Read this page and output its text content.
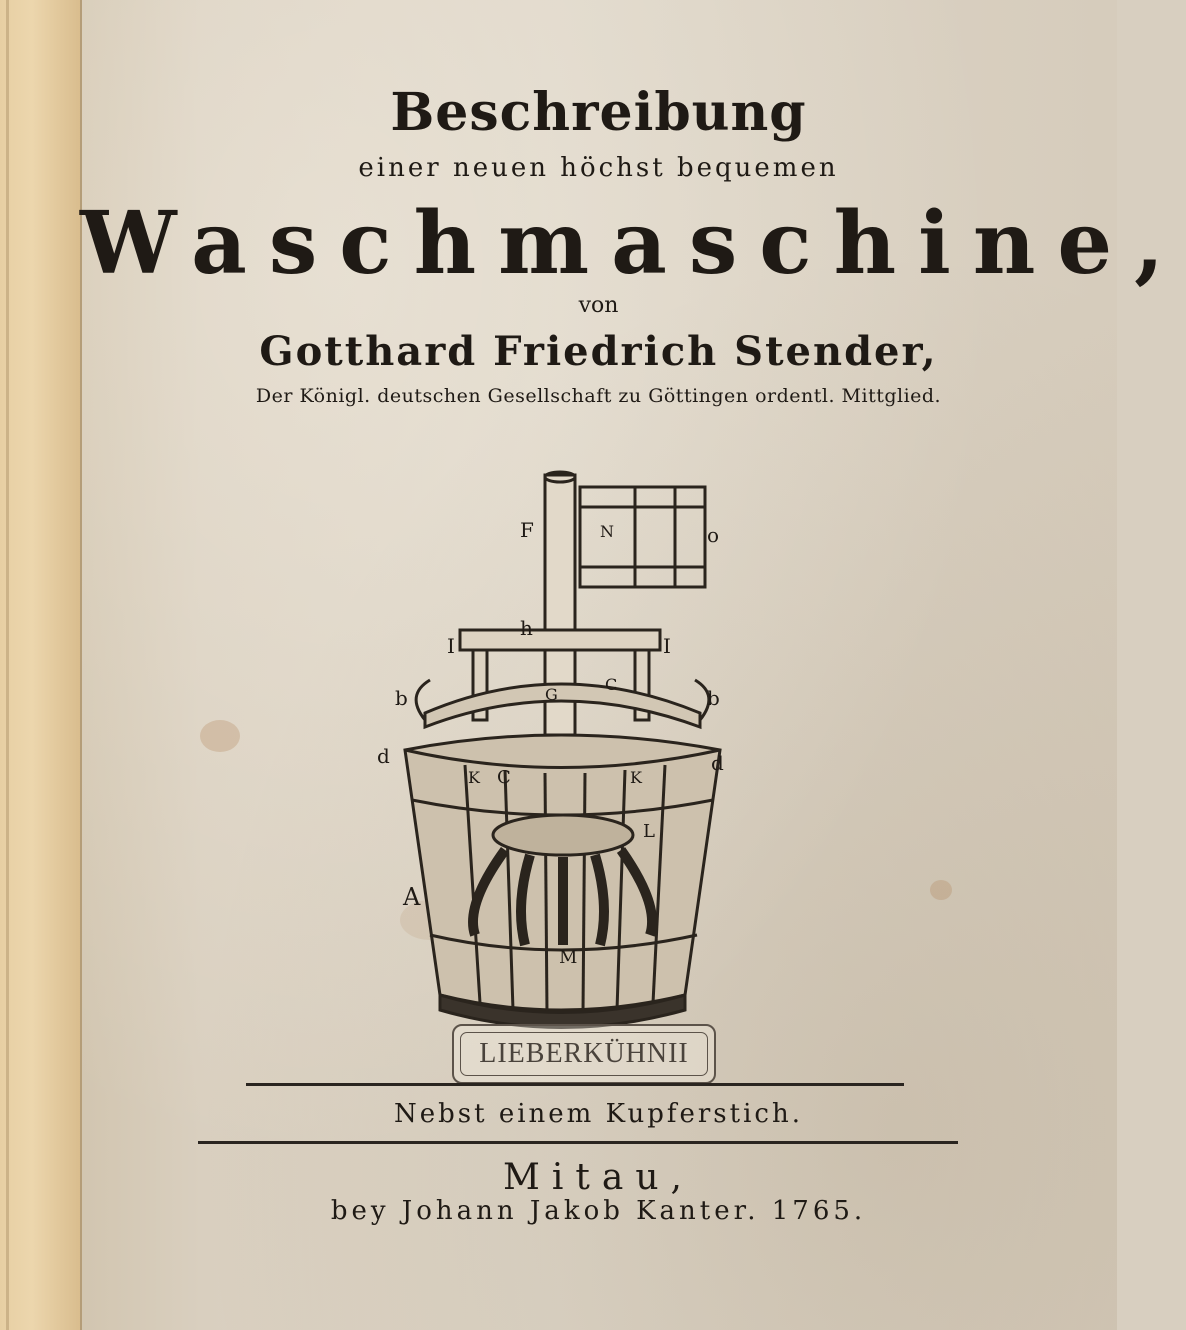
Beschreibung
einer neuen höchst bequemen
Waschmaschine,
von
Gotthard Friedrich Stender,
Der Königl. deutschen Gesellschaft zu Göttingen ordentl. Mittglied.
F	N	o
h
I	I
b	b
G
C
d	d
K C	K
L
A
M
LIEBERKÜHNII
Nebst einem Kupferstich.
Mitau,
bey Johann Jakob Kanter. 1765.
